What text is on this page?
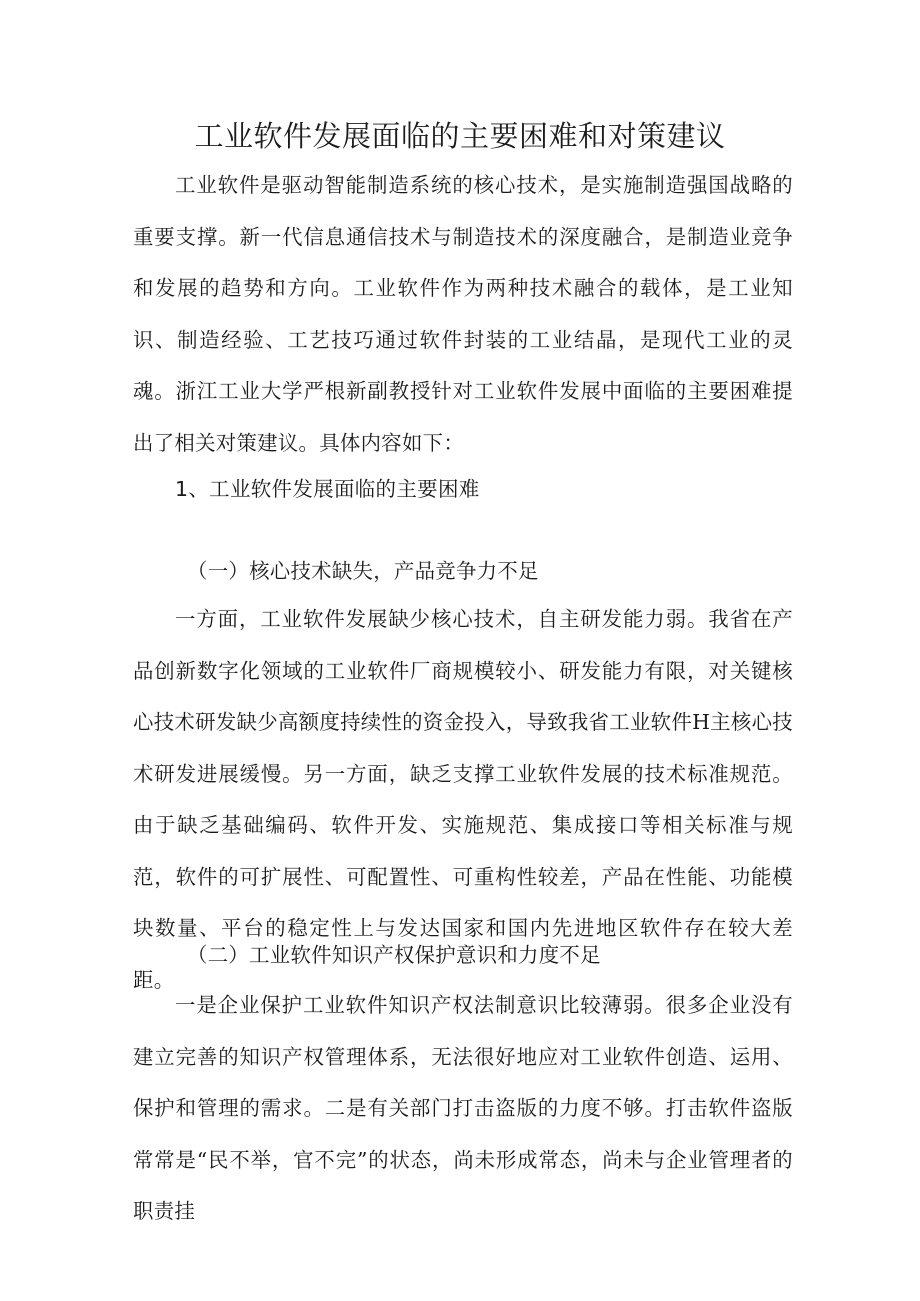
工业软件发展面临的主要困难和对策建议

工业软件是驱动智能制造系统的核心技术，是实施制造强国战略的重要支撑。新一代信息通信技术与制造技术的深度融合，是制造业竞争和发展的趋势和方向。工业软件作为两种技术融合的载体，是工业知识、制造经验、工艺技巧通过软件封装的工业结晶，是现代工业的灵魂。浙江工业大学严根新副教授针对工业软件发展中面临的主要困难提出了相关对策建议。具体内容如下：

1、工业软件发展面临的主要困难

（一）核心技术缺失，产品竞争力不足

一方面，工业软件发展缺少核心技术，自主研发能力弱。我省在产品创新数字化领域的工业软件厂商规模较小、研发能力有限，对关键核心技术研发缺少高额度持续性的资金投入，导致我省工业软件H主核心技术研发进展缓慢。另一方面，缺乏支撑工业软件发展的技术标准规范。由于缺乏基础编码、软件开发、实施规范、集成接口等相关标准与规范，软件的可扩展性、可配置性、可重构性较差，产品在性能、功能模块数量、平台的稳定性上与发达国家和国内先进地区软件存在较大差距。

（二）工业软件知识产权保护意识和力度不足

一是企业保护工业软件知识产权法制意识比较薄弱。很多企业没有建立完善的知识产权管理体系，无法很好地应对工业软件创造、运用、保护和管理的需求。二是有关部门打击盗版的力度不够。打击软件盗版常常是“民不举，官不完”的状态，尚未形成常态，尚未与企业管理者的职责挂
